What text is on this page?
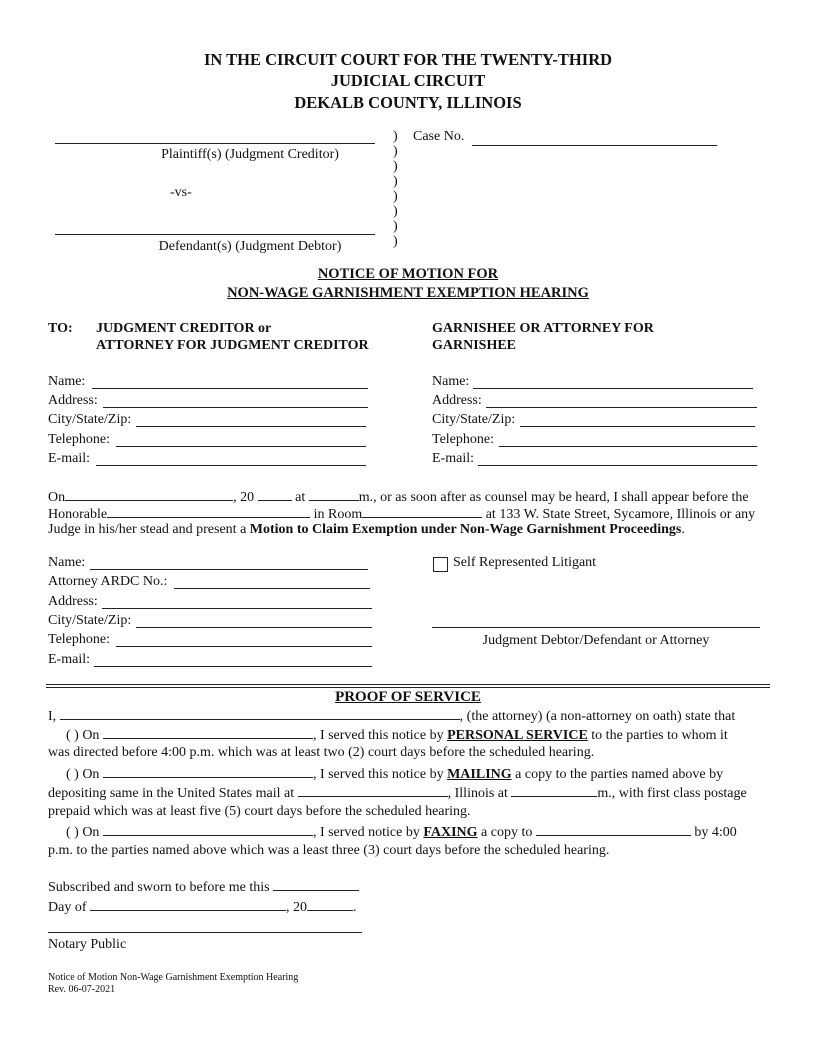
IN THE CIRCUIT COURT FOR THE TWENTY-THIRD
JUDICIAL CIRCUIT
DEKALB COUNTY, ILLINOIS
Plaintiff(s) (Judgment Creditor)
-vs-
Defendant(s) (Judgment Debtor)
)
)
)
)
)
)
)
)
Case No.
NOTICE OF MOTION FOR
NON-WAGE GARNISHMENT EXEMPTION HEARING
TO: JUDGMENT CREDITOR or
ATTORNEY FOR JUDGMENT CREDITOR
GARNISHEE OR ATTORNEY FOR
GARNISHEE
Name:
Address:
City/State/Zip:
Telephone:
E-mail:
Name:
Address:
City/State/Zip:
Telephone:
E-mail:
On	, 20	at	m., or as soon after as counsel may be heard, I shall appear before the
Honorable	in Room	at 133 W. State Street, Sycamore, Illinois or any
Judge in his/her stead and present a Motion to Claim Exemption under Non-Wage Garnishment Proceedings.
Name:
Attorney ARDC No.:
Address:
City/State/Zip:
Telephone:
E-mail:
Self Represented Litigant
Judgment Debtor/Defendant or Attorney
PROOF OF SERVICE
I,	, (the attorney) (a non-attorney on oath) state that
( ) On	, I served this notice by PERSONAL SERVICE to the parties to whom it
was directed before 4:00 p.m. which was at least two (2) court days before the scheduled hearing.
( ) On	, I served this notice by MAILING a copy to the parties named above by
depositing same in the United States mail at	, Illinois at	m., with first class postage
prepaid which was at least five (5) court days before the scheduled hearing.
( ) On	, I served notice by FAXING a copy to	by 4:00
p.m. to the parties named above which was a least three (3) court days before the scheduled hearing.
Subscribed and sworn to before me this
Day of	, 20	.
Notary Public
Notice of Motion Non-Wage Garnishment Exemption Hearing
Rev. 06-07-2021
